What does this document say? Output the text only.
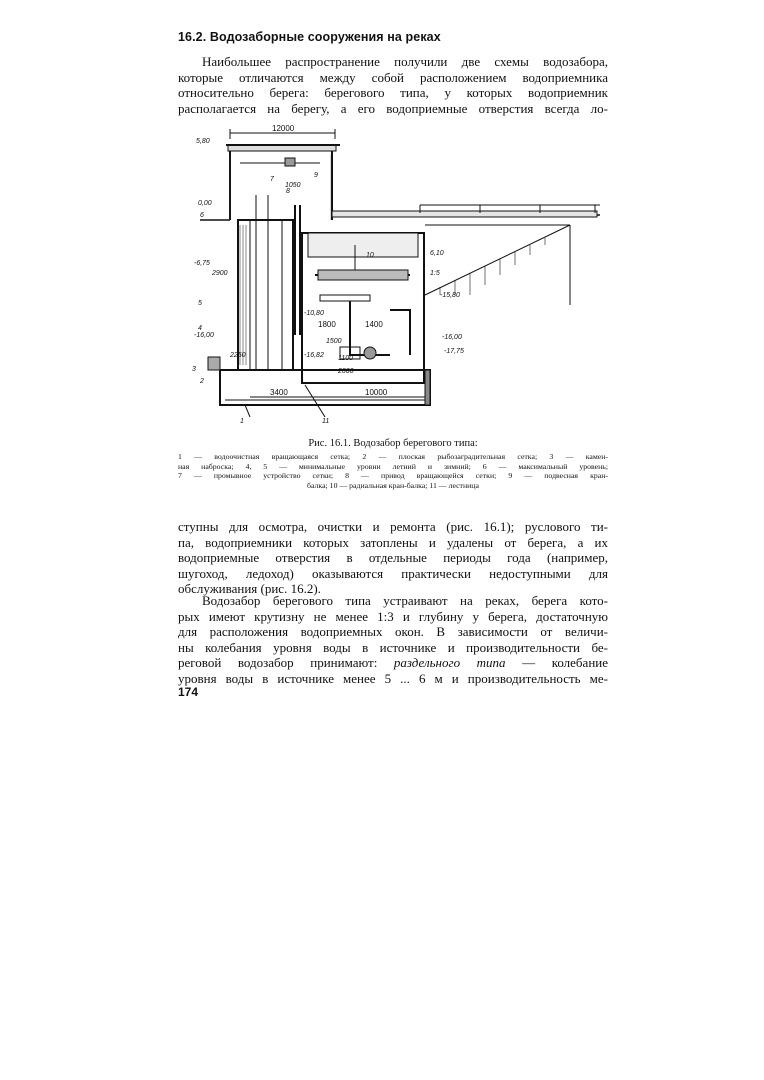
16.2. Водозаборные сооружения на реках

Наибольшее распространение получили две схемы водозабора,
которые отличаются между собой расположением водоприемника
относительно берега: берегового типа, у которых водоприемник
располагается на берегу, а его водоприемные отверстия всегда ло-

12000
5,80
0,00
-6,75
-16,00
-10,80
-16,82
6,10
-15,80
-16,00
-17,75
3400	10000
1800	1400
1:5
1050
2250
2900
1100
1500
2000
1
2
3
4
5
6
7
8
9
10
11
Рис. 16.1. Водозабор берегового типа:

1 — водоочистная вращающаяся сетка; 2 — плоская рыбозаградительная сетка; 3 — камен-
ная наброска; 4, 5 — минимальные уровни летний и зимний; 6 — максимальный уровень;
7 — промывное устройство сетки; 8 — привод вращающейся сетки; 9 — подвесная кран-
балка; 10 — радиальная кран-балка; 11 — лестница

ступны для осмотра, очистки и ремонта (рис. 16.1); руслового ти-
па, водоприемники которых затоплены и удалены от берега, а их
водоприемные отверстия в отдельные периоды года (например,
шугоход, ледоход) оказываются практически недоступными для
обслуживания (рис. 16.2).

Водозабор берегового типа устраивают на реках, берега кото-
рых имеют крутизну не менее 1:3 и глубину у берега, достаточную
для расположения водоприемных окон. В зависимости от величи-
ны колебания уровня воды в источнике и производительности бе-
реговой водозабор принимают: раздельного типа — колебание
уровня воды в источнике менее 5 ... 6 м и производительность ме-

174
